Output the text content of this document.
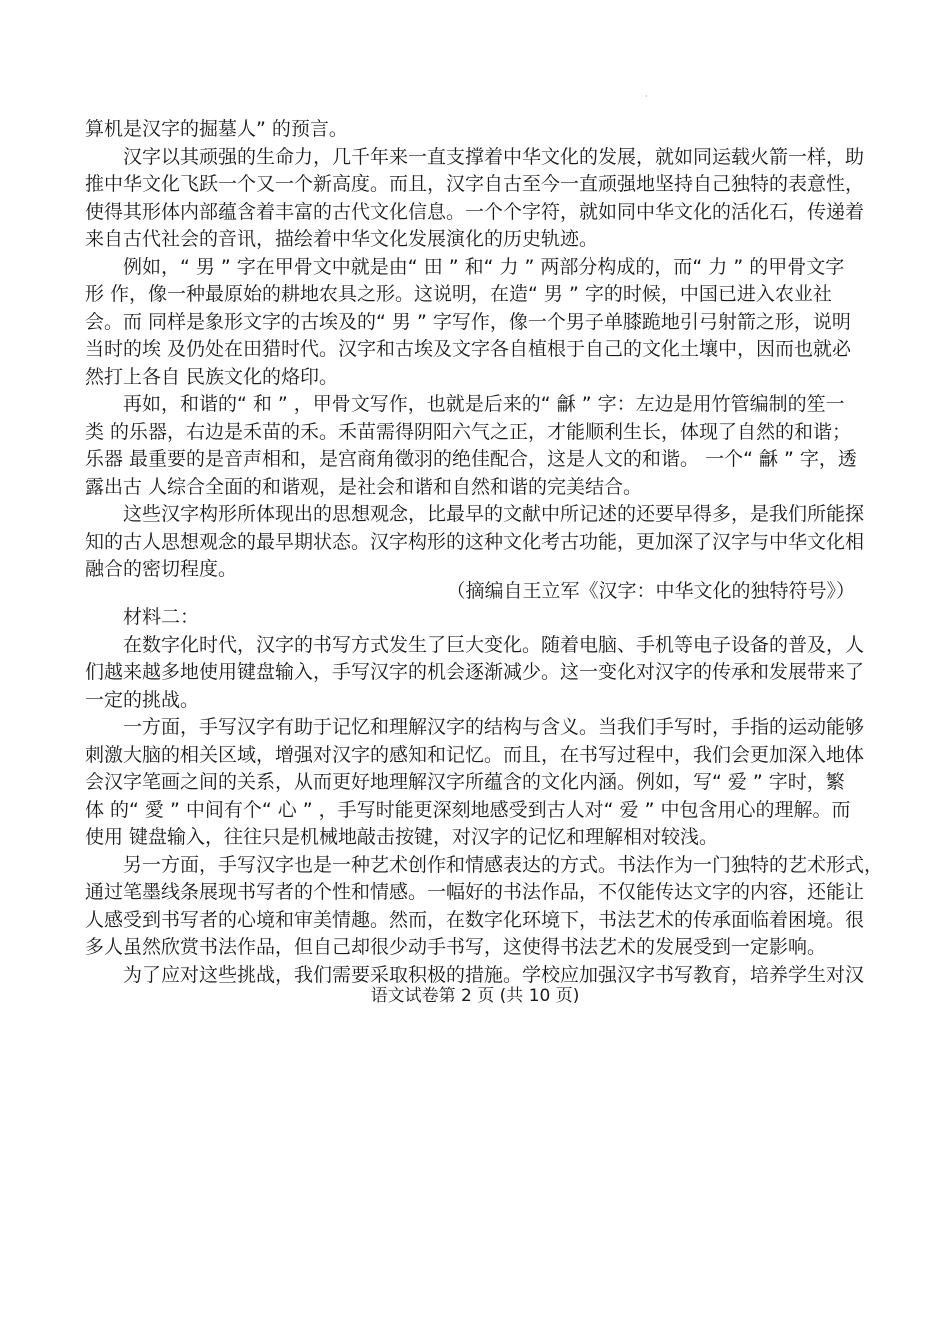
·
算机是汉字的掘墓人” 的预言。
汉字以其顽强的生命力，几千年来一直支撑着中华文化的发展，就如同运载火箭一样，助
推中华文化飞跃一个又一个新高度。而且，汉字自古至今一直顽强地坚持自己独特的表意性，
使得其形体内部蕴含着丰富的古代文化信息。一个个字符，就如同中华文化的活化石，传递着
来自古代社会的音讯，描绘着中华文化发展演化的历史轨迹。
例如，“ 男 ” 字在甲骨文中就是由“ 田 ” 和“ 力 ” 两部分构成的，而“ 力 ” 的甲骨文字
形 作，像一种最原始的耕地农具之形。这说明，在造“ 男 ” 字的时候，中国已进入农业社
会。而 同样是象形文字的古埃及的“ 男 ” 字写作，像一个男子单膝跪地引弓射箭之形，说明
当时的埃 及仍处在田猎时代。汉字和古埃及文字各自植根于自己的文化土壤中，因而也就必
然打上各自 民族文化的烙印。
再如，和谐的“ 和 ” ，甲骨文写作，也就是后来的“ 龢 ” 字：左边是用竹管编制的笙一
类 的乐器，右边是禾苗的禾。禾苗需得阴阳六气之正，才能顺利生长，体现了自然的和谐；
乐器 最重要的是音声相和，是宫商角徵羽的绝佳配合，这是人文的和谐。 一个“ 龢 ” 字，透
露出古 人综合全面的和谐观，是社会和谐和自然和谐的完美结合。
这些汉字构形所体现出的思想观念，比最早的文献中所记述的还要早得多，是我们所能探
知的古人思想观念的最早期状态。汉字构形的这种文化考古功能，更加深了汉字与中华文化相
融合的密切程度。
（摘编自王立军《汉字：中华文化的独特符号》）
材料二：
在数字化时代，汉字的书写方式发生了巨大变化。随着电脑、手机等电子设备的普及，人
们越来越多地使用键盘输入，手写汉字的机会逐渐减少。这一变化对汉字的传承和发展带来了
一定的挑战。
一方面，手写汉字有助于记忆和理解汉字的结构与含义。当我们手写时，手指的运动能够
刺激大脑的相关区域，增强对汉字的感知和记忆。而且，在书写过程中，我们会更加深入地体
会汉字笔画之间的关系，从而更好地理解汉字所蕴含的文化内涵。例如，写“ 爱 ” 字时，繁
体 的“ 愛 ” 中间有个“ 心 ” ，手写时能更深刻地感受到古人对“ 爱 ” 中包含用心的理解。而
使用 键盘输入，往往只是机械地敲击按键，对汉字的记忆和理解相对较浅。
另一方面，手写汉字也是一种艺术创作和情感表达的方式。书法作为一门独特的艺术形式，
通过笔墨线条展现书写者的个性和情感。一幅好的书法作品，不仅能传达文字的内容，还能让
人感受到书写者的心境和审美情趣。然而，在数字化环境下，书法艺术的传承面临着困境。很
多人虽然欣赏书法作品，但自己却很少动手书写，这使得书法艺术的发展受到一定影响。
为了应对这些挑战，我们需要采取积极的措施。学校应加强汉字书写教育，培养学生对汉
语文试卷第 2 页 (共 10 页)
